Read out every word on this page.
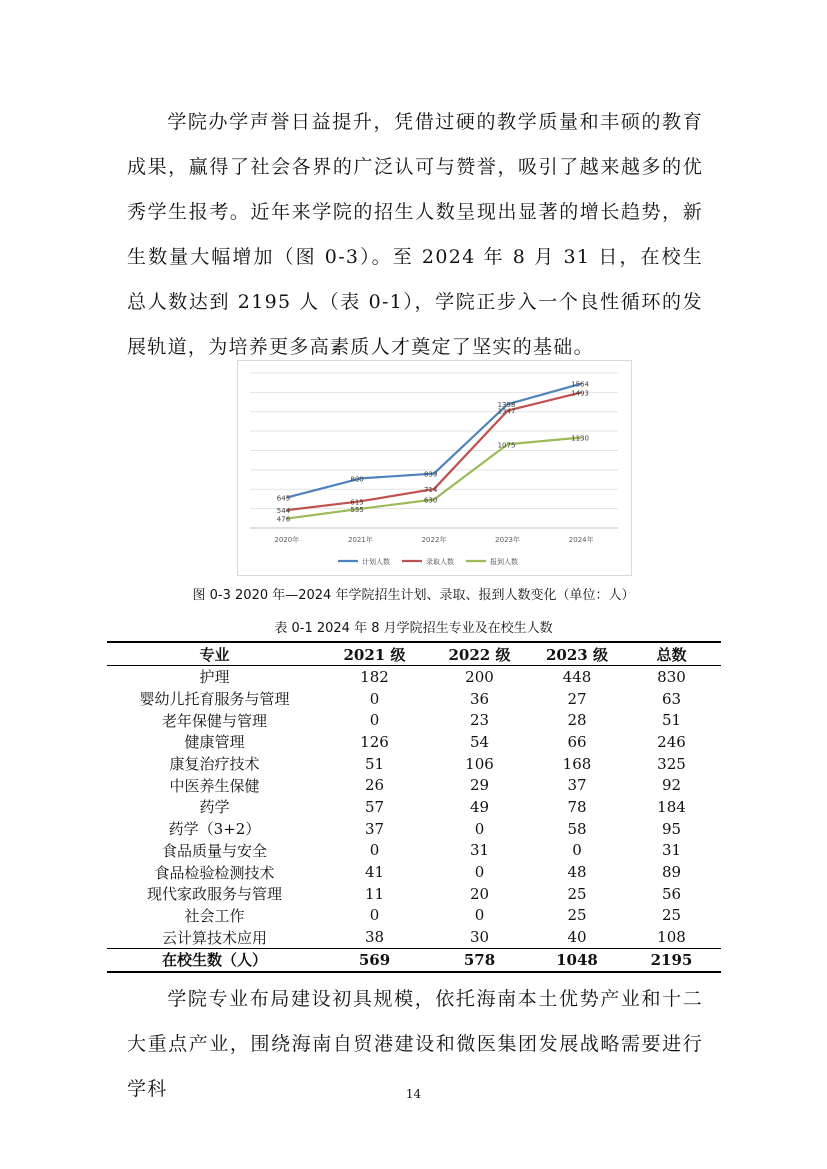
学院办学声誉日益提升，凭借过硬的教学质量和丰硕的教育成果，赢得了社会各界的广泛认可与赞誉，吸引了越来越多的优秀学生报考。近年来学院的招生人数呈现出显著的增长趋势，新生数量大幅增加（图 0-3）。至 2024 年 8 月 31 日，在校生总人数达到 2195 人（表 0-1），学院正步入一个良性循环的发展轨道，为培养更多高素质人才奠定了坚实的基础。

2020年	2021年	2022年	2023年	2024年
645
800
839
1398
1564
544
615
714
1347
1493
476
555
630
1075
1130
计划人数	录取人数	报到人数
图 0-3 2020 年—2024 年学院招生计划、录取、报到人数变化（单位：人）
表 0-1 2024 年 8 月学院招生专业及在校生人数
专业	2021 级	2022 级	2023 级	总数
护理	182	200	448	830
婴幼儿托育服务与管理	0	36	27	63
老年保健与管理	0	23	28	51
健康管理	126	54	66	246
康复治疗技术	51	106	168	325
中医养生保健	26	29	37	92
药学	57	49	78	184
药学（3+2）	37	0	58	95
食品质量与安全	0	31	0	31
食品检验检测技术	41	0	48	89
现代家政服务与管理	11	20	25	56
社会工作	0	0	25	25
云计算技术应用	38	30	40	108
在校生数（人）	569	578	1048	2195

学院专业布局建设初具规模，依托海南本土优势产业和十二大重点产业，围绕海南自贸港建设和微医集团发展战略需要进行学科	14
